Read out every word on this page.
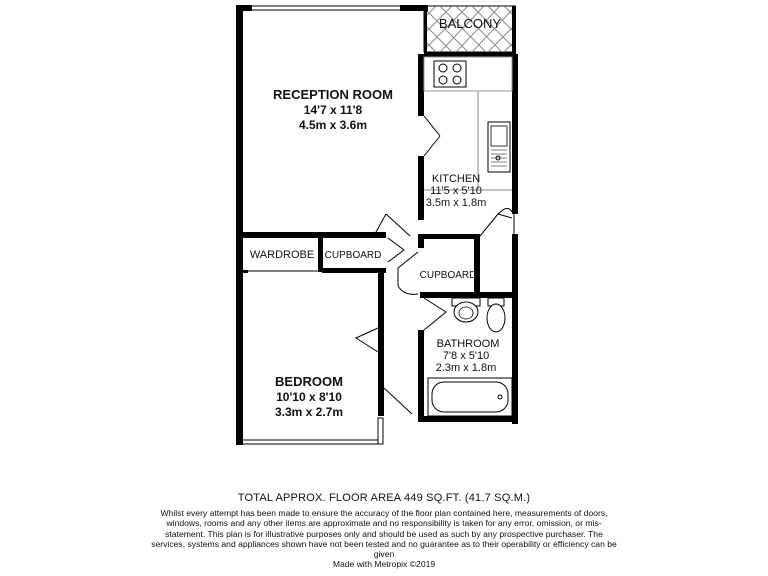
BALCONY
RECEPTION ROOM
14'7 x 11'8
4.5m x 3.6m
KITCHEN
11'5 x 5'10
3.5m x 1.8m
WARDROBE CUPBOARD
CUPBOARD
BATHROOM
7'8 x 5'10
2.3m x 1.8m
BEDROOM
10'10 x 8'10
3.3m x 2.7m
TOTAL APPROX. FLOOR AREA 449 SQ.FT. (41.7 SQ.M.)
Whilst every attempt has been made to ensure the accuracy of the floor plan contained here, measurements of doors, windows, rooms and any other items are approximate and no responsibility is taken for any error, omission, or mis-statement. This plan is for illustrative purposes only and should be used as such by any prospective purchaser. The services, systems and appliances shown have not been tested and no guarantee as to their operability or efficiency can be given
Made with Metropix ©2019
